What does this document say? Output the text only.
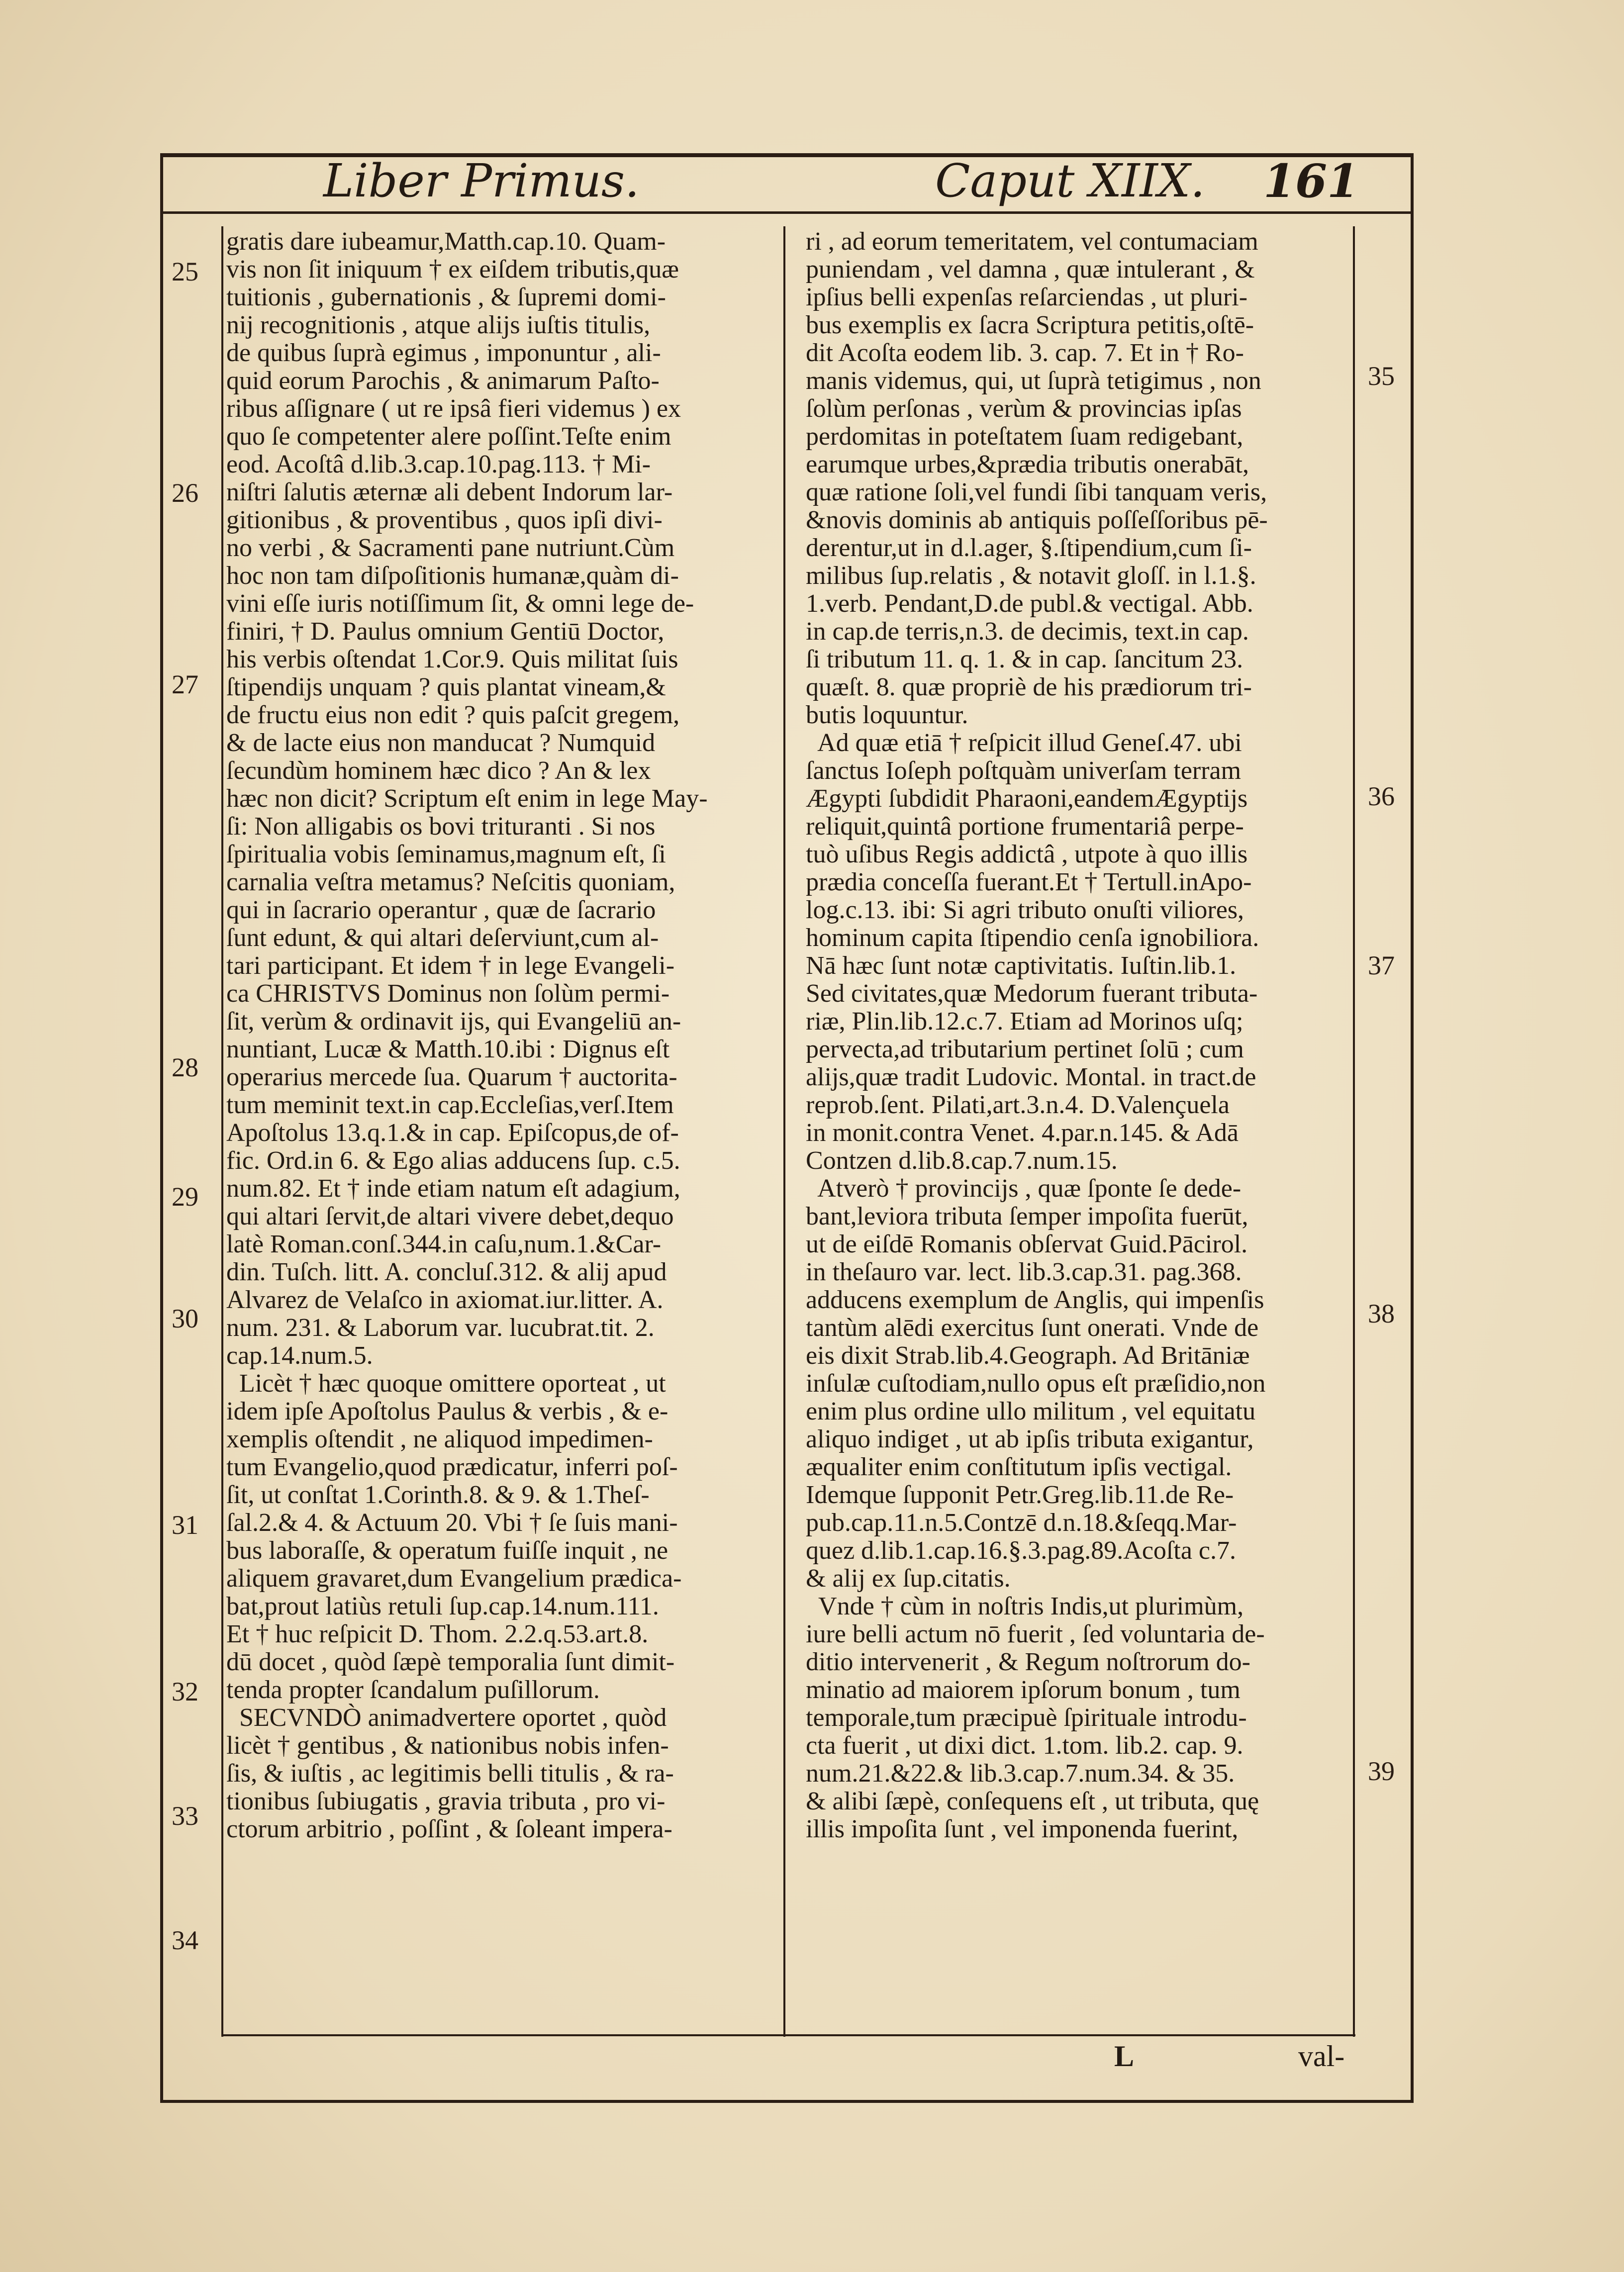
Liber Primus.	Caput XIIX. 161
gratis dare iubeamur,Matth.cap.10. Quam-
vis non ſit iniquum † ex eiſdem tributis,quæ
tuitionis , gubernationis , & ſupremi domi-
nij recognitionis , atque alijs iuſtis titulis,
de quibus ſuprà egimus , imponuntur , ali-
quid eorum Parochis , & animarum Paſto-
ribus aſſignare ( ut re ipsâ fieri videmus ) ex
quo ſe competenter alere poſſint.Teſte enim
eod. Acoſtâ d.lib.3.cap.10.pag.113. † Mi-
niſtri ſalutis æternæ ali debent Indorum lar-
gitionibus , & proventibus , quos ipſi divi-
no verbi , & Sacramenti pane nutriunt.Cùm
hoc non tam diſpoſitionis humanæ,quàm di-
vini eſſe iuris notiſſimum ſit, & omni lege de-
finiri, † D. Paulus omnium Gentiū Doctor,
his verbis oſtendat 1.Cor.9. Quis militat ſuis
ſtipendijs unquam ? quis plantat vineam,&
de fructu eius non edit ? quis paſcit gregem,
& de lacte eius non manducat ? Numquid
ſecundùm hominem hæc dico ? An & lex
hæc non dicit? Scriptum eſt enim in lege May-
ſi: Non alligabis os bovi trituranti . Si nos
ſpiritualia vobis ſeminamus,magnum eſt, ſi
carnalia veſtra metamus? Neſcitis quoniam,
qui in ſacrario operantur , quæ de ſacrario
ſunt edunt, & qui altari deſerviunt,cum al-
tari participant. Et idem † in lege Evangeli-
ca CHRISTVS Dominus non ſolùm permi-
ſit, verùm & ordinavit ijs, qui Evangeliū an-
nuntiant, Lucæ & Matth.10.ibi : Dignus eſt
operarius mercede ſua. Quarum † auctorita-
tum meminit text.in cap.Eccleſias,verſ.Item
Apoſtolus 13.q.1.& in cap. Epiſcopus,de of-
fic. Ord.in 6. & Ego alias adducens ſup. c.5.
num.82. Et † inde etiam natum eſt adagium,
qui altari ſervit,de altari vivere debet,dequo
latè Roman.conſ.344.in caſu,num.1.&Car-
din. Tuſch. litt. A. concluſ.312. & alij apud
Alvarez de Velaſco in axiomat.iur.litter. A.
num. 231. & Laborum var. lucubrat.tit. 2.
cap.14.num.5.
Licèt † hæc quoque omittere oporteat , ut
idem ipſe Apoſtolus Paulus & verbis , & e-
xemplis oſtendit , ne aliquod impedimen-
tum Evangelio,quod prædicatur, inferri poſ-
ſit, ut conſtat 1.Corinth.8. & 9. & 1.Theſ-
ſal.2.& 4. & Actuum 20. Vbi † ſe ſuis mani-
bus laboraſſe, & operatum fuiſſe inquit , ne
aliquem gravaret,dum Evangelium prædica-
bat,prout latiùs retuli ſup.cap.14.num.111.
Et † huc reſpicit D. Thom. 2.2.q.53.art.8.
dū docet , quòd ſæpè temporalia ſunt dimit-
tenda propter ſcandalum puſillorum.
SECVNDÒ animadvertere oportet , quòd
licèt † gentibus , & nationibus nobis infen-
ſis, & iuſtis , ac legitimis belli titulis , & ra-
tionibus ſubiugatis , gravia tributa , pro vi-
ctorum arbitrio , poſſint , & ſoleant impera-
ri , ad eorum temeritatem, vel contumaciam
puniendam , vel damna , quæ intulerant , &
ipſius belli expenſas reſarciendas , ut pluri-
bus exemplis ex ſacra Scriptura petitis,oſtē-
dit Acoſta eodem lib. 3. cap. 7. Et in † Ro-
manis videmus, qui, ut ſuprà tetigimus , non
ſolùm perſonas , verùm & provincias ipſas
perdomitas in poteſtatem ſuam redigebant,
earumque urbes,&prædia tributis onerabāt,
quæ ratione ſoli,vel fundi ſibi tanquam veris,
&novis dominis ab antiquis poſſeſſoribus pē-
derentur,ut in d.l.ager, §.ſtipendium,cum ſi-
milibus ſup.relatis , & notavit gloſſ. in l.1.§.
1.verb. Pendant,D.de publ.& vectigal. Abb.
in cap.de terris,n.3. de decimis, text.in cap.
ſi tributum 11. q. 1. & in cap. ſancitum 23.
quæſt. 8. quæ propriè de his prædiorum tri-
butis loquuntur.
Ad quæ etiā † reſpicit illud Geneſ.47. ubi
ſanctus Ioſeph poſtquàm univerſam terram
Ægypti ſubdidit Pharaoni,eandemÆgyptijs
reliquit,quintâ portione frumentariâ perpe-
tuò uſibus Regis addictâ , utpote à quo illis
prædia conceſſa fuerant.Et † Tertull.inApo-
log.c.13. ibi: Si agri tributo onuſti viliores,
hominum capita ſtipendio cenſa ignobiliora.
Nā hæc ſunt notæ captivitatis. Iuſtin.lib.1.
Sed civitates,quæ Medorum fuerant tributa-
riæ, Plin.lib.12.c.7. Etiam ad Morinos uſq;
pervecta,ad tributarium pertinet ſolū ; cum
alijs,quæ tradit Ludovic. Montal. in tract.de
reprob.ſent. Pilati,art.3.n.4. D.Valençuela
in monit.contra Venet. 4.par.n.145. & Adā
Contzen d.lib.8.cap.7.num.15.
Atverò † provincijs , quæ ſponte ſe dede-
bant,leviora tributa ſemper impoſita fuerūt,
ut de eiſdē Romanis obſervat Guid.Pācirol.
in theſauro var. lect. lib.3.cap.31. pag.368.
adducens exemplum de Anglis, qui impenſis
tantùm alēdi exercitus ſunt onerati. Vnde de
eis dixit Strab.lib.4.Geograph. Ad Britāniæ
inſulæ cuſtodiam,nullo opus eſt præſidio,non
enim plus ordine ullo militum , vel equitatu
aliquo indiget , ut ab ipſis tributa exigantur,
æqualiter enim conſtitutum ipſis vectigal.
Idemque ſupponit Petr.Greg.lib.11.de Re-
pub.cap.11.n.5.Contzē d.n.18.&ſeqq.Mar-
quez d.lib.1.cap.16.§.3.pag.89.Acoſta c.7.
& alij ex ſup.citatis.
Vnde † cùm in noſtris Indis,ut plurimùm,
iure belli actum nō fuerit , ſed voluntaria de-
ditio intervenerit , & Regum noſtrorum do-
minatio ad maiorem ipſorum bonum , tum
temporale,tum præcipuè ſpirituale introdu-
cta fuerit , ut dixi dict. 1.tom. lib.2. cap. 9.
num.21.&22.& lib.3.cap.7.num.34. & 35.
& alibi ſæpè, conſequens eſt , ut tributa, quę
illis impoſita ſunt , vel imponenda fuerint,
25
26
27
28
29
30
31
32
33
34
35
36
37
38
39
L	val-
